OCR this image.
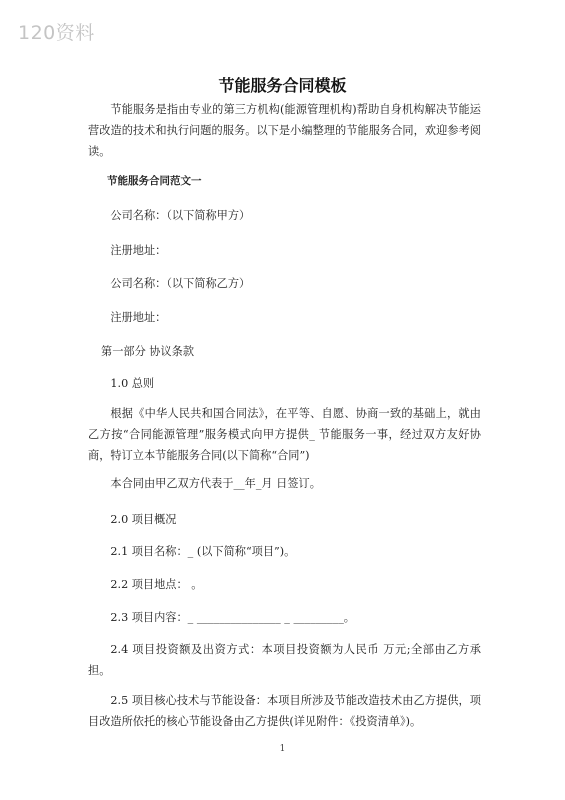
120资料
节能服务合同模板

节能服务是指由专业的第三方机构(能源管理机构)帮助自身机构解决节能运营改造的技术和执行问题的服务。以下是小编整理的节能服务合同，欢迎参考阅读。

节能服务合同范文一

公司名称：（以下简称甲方）

注册地址：

公司名称：（以下简称乙方）

注册地址：

第一部分 协议条款

1.0 总则

根据《中华人民共和国合同法》，在平等、自愿、协商一致的基础上，就由乙方按“合同能源管理”服务模式向甲方提供_ 节能服务一事，经过双方友好协商，特订立本节能服务合同(以下简称“合同”)

本合同由甲乙双方代表于__年_月 日签订。

2.0 项目概况

2.1 项目名称：_ (以下简称“项目”)。

2.2 项目地点： 。

2.3 项目内容：_ _______________ _ _________。

2.4 项目投资额及出资方式：本项目投资额为人民币 万元;全部由乙方承担。

2.5 项目核心技术与节能设备：本项目所涉及节能改造技术由乙方提供，项目改造所依托的核心节能设备由乙方提供(详见附件：《投资清单》)。

1
